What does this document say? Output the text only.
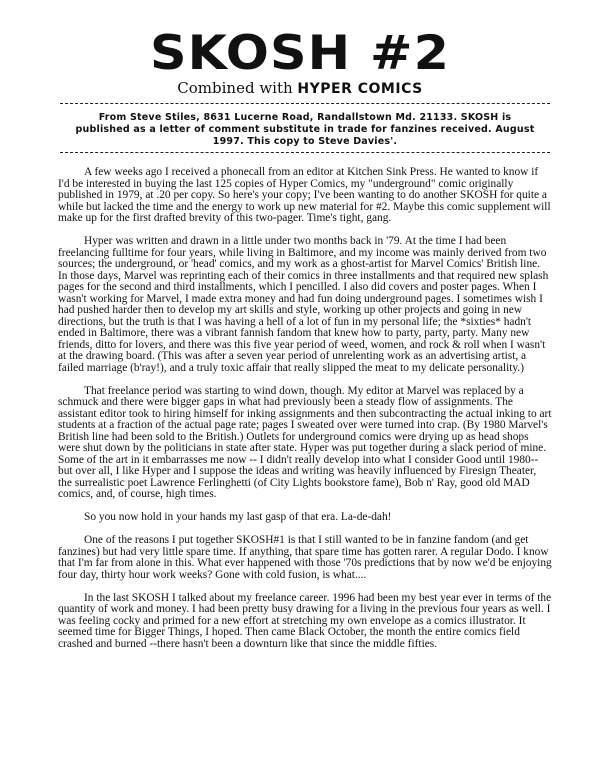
SKOSH #2
Combined with HYPER COMICS
From Steve Stiles, 8631 Lucerne Road, Randallstown Md. 21133. SKOSH is published as a letter of comment substitute in trade for fanzines received. August 1997. This copy to Steve Davies'.

A few weeks ago I received a phonecall from an editor at Kitchen Sink Press. He wanted to know if I'd be interested in buying the last 125 copies of Hyper Comics, my "underground" comic originally published in 1979, at .20 per copy. So here's your copy; I've been wanting to do another SKOSH for quite a while but lacked the time and the energy to work up new material for #2. Maybe this comic supplement will make up for the first drafted brevity of this two-pager. Time's tight, gang.

Hyper was written and drawn in a little under two months back in '79. At the time I had been freelancing fulltime for four years, while living in Baltimore, and my income was mainly derived from two sources; the underground, or 'head' comics, and my work as a ghost-artist for Marvel Comics' British line. In those days, Marvel was reprinting each of their comics in three installments and that required new splash pages for the second and third installments, which I pencilled. I also did covers and poster pages. When I wasn't working for Marvel, I made extra money and had fun doing underground pages. I sometimes wish I had pushed harder then to develop my art skills and style, working up other projects and going in new directions, but the truth is that I was having a hell of a lot of fun in my personal life; the *sixties* hadn't ended in Baltimore, there was a vibrant fannish fandom that knew how to party, party, party. Many new friends, ditto for lovers, and there was this five year period of weed, women, and rock & roll when I wasn't at the drawing board. (This was after a seven year period of unrelenting work as an advertising artist, a failed marriage (b'ray!), and a truly toxic affair that really slipped the meat to my delicate personality.)

That freelance period was starting to wind down, though. My editor at Marvel was replaced by a schmuck and there were bigger gaps in what had previously been a steady flow of assignments. The assistant editor took to hiring himself for inking assignments and then subcontracting the actual inking to art students at a fraction of the actual page rate; pages I sweated over were turned into crap. (By 1980 Marvel's British line had been sold to the British.) Outlets for underground comics were drying up as head shops were shut down by the politicians in state after state. Hyper was put together during a slack period of mine. Some of the art in it embarrasses me now -- I didn't really develop into what I consider Good until 1980-- but over all, I like Hyper and I suppose the ideas and writing was heavily influenced by Firesign Theater, the surrealistic poet Lawrence Ferlinghetti (of City Lights bookstore fame), Bob n' Ray, good old MAD comics, and, of course, high times.

So you now hold in your hands my last gasp of that era. La-de-dah!

One of the reasons I put together SKOSH#1 is that I still wanted to be in fanzine fandom (and get fanzines) but had very little spare time. If anything, that spare time has gotten rarer. A regular Dodo. I know that I'm far from alone in this. What ever happened with those '70s predictions that by now we'd be enjoying four day, thirty hour work weeks? Gone with cold fusion, is what....

In the last SKOSH I talked about my freelance career. 1996 had been my best year ever in terms of the quantity of work and money. I had been pretty busy drawing for a living in the previous four years as well. I was feeling cocky and primed for a new effort at stretching my own envelope as a comics illustrator. It seemed time for Bigger Things, I hoped. Then came Black October, the month the entire comics field crashed and burned --there hasn't been a downturn like that since the middle fifties.
